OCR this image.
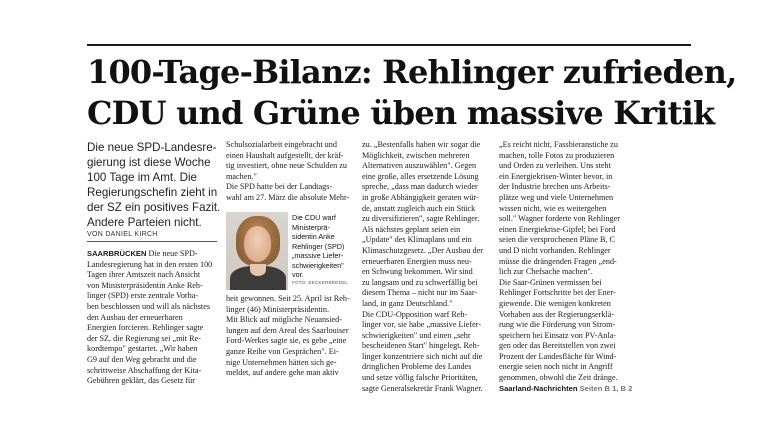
100-Tage-Bilanz: Rehlinger zufrieden,
CDU und Grüne üben massive Kritik
Die neue SPD-Landesre-
gierung ist diese Woche
100 Tage im Amt. Die
Regierungschefin zieht in
der SZ ein positives Fazit.
Andere Parteien nicht.
VON DANIEL KIRCH
SAARBRÜCKEN Die neue SPD-
Landesregierung hat in den ersten 100
Tagen ihrer Amtszeit nach Ansicht
von Ministerpräsidentin Anke Reh-
linger (SPD) erste zentrale Vorha-
ben beschlossen und will als nächstes
den Ausbau der erneuerbaren
Energien forcieren. Rehlinger sagte
der SZ, die Regierung sei „mit Re-
kordtempo" gestartet. „Wir haben
G9 auf den Weg gebracht und die
schrittweise Abschaffung der Kita-
Gebühren geklärt, das Gesetz für
Schulsozialarbeit eingebracht und
einen Haushalt aufgestellt, der kräf-
tig investiert, ohne neue Schulden zu
machen."
Die SPD hatte bei der Landtags-
wahl am 27. März die absolute Mehr-
Die CDU warf
Ministerprä-
sidentin Anke
Rehlinger (SPD)
„massive Liefer-
schwierigkeiten"
vor.
FOTO: BECKERBREDEL
heit gewonnen. Seit 25. April ist Reh-
linger (46) Ministerpräsidentin.
Mit Blick auf mögliche Neuansied-
lungen auf dem Areal des Saarlouiser
Ford-Werkes sagte sie, es gebe „eine
ganze Reihe von Gesprächen". Ei-
nige Unternehmen hätten sich ge-
meldet, auf andere gehe man aktiv
zu. „Bestenfalls haben wir sogar die
Möglichkeit, zwischen mehreren
Alternativen auszuwählen". Gegen
eine große, alles ersetzende Lösung
spreche, „dass man dadurch wieder
in große Abhängigkeit geraten wür-
de, anstatt zugleich auch ein Stück
zu diversifizieren", sagte Rehlinger.
Als nächstes geplant seien ein
„Update" des Klimaplans und ein
Klimaschutzgesetz. „Der Ausbau der
erneuerbaren Energien muss neu-
en Schwung bekommen. Wir sind
zu langsam und zu schwerfällig bei
diesem Thema – nicht nur im Saar-
land, in ganz Deutschland."
Die CDU-Opposition warf Reh-
linger vor, sie habe „massive Liefer-
schwierigkeiten" und einen „sehr
bescheidenen Start" hingelegt. Reh-
linger konzentriere sich nicht auf die
dringlichen Probleme des Landes
und setze völlig falsche Prioritäten,
sagte Generalsekretär Frank Wagner.
„Es reicht nicht, Fassbieranstiche zu
machen, tolle Fotos zu produzieren
und Orden zu verleihen. Uns steht
ein Energiekrisen-Winter bevor, in
der Industrie brechen uns Arbeits-
plätze weg und viele Unternehmen
wissen nicht, wie es weitergehen
soll." Wagner forderte von Rehlinger
einen Energiekrise-Gipfel; bei Ford
seien die versprochenen Pläne B, C
und D nicht vorhanden. Rehlinger
müsse die drängenden Fragen „end-
lich zur Chefsache machen".
Die Saar-Grünen vermissen bei
Rehlinger Fortschritte bei der Ener-
giewende. Die wenigen konkreten
Vorhaben aus der Regierungserklä-
rung wie die Förderung von Strom-
speichern bei Einsatz von PV-Anla-
gen oder das Bereitstellen von zwei
Prozent der Landesfläche für Wind-
energie seien noch nicht in Angriff
genommen, obwohl die Zeit dränge.
Saarland-Nachrichten Seiten B 1, B 2
